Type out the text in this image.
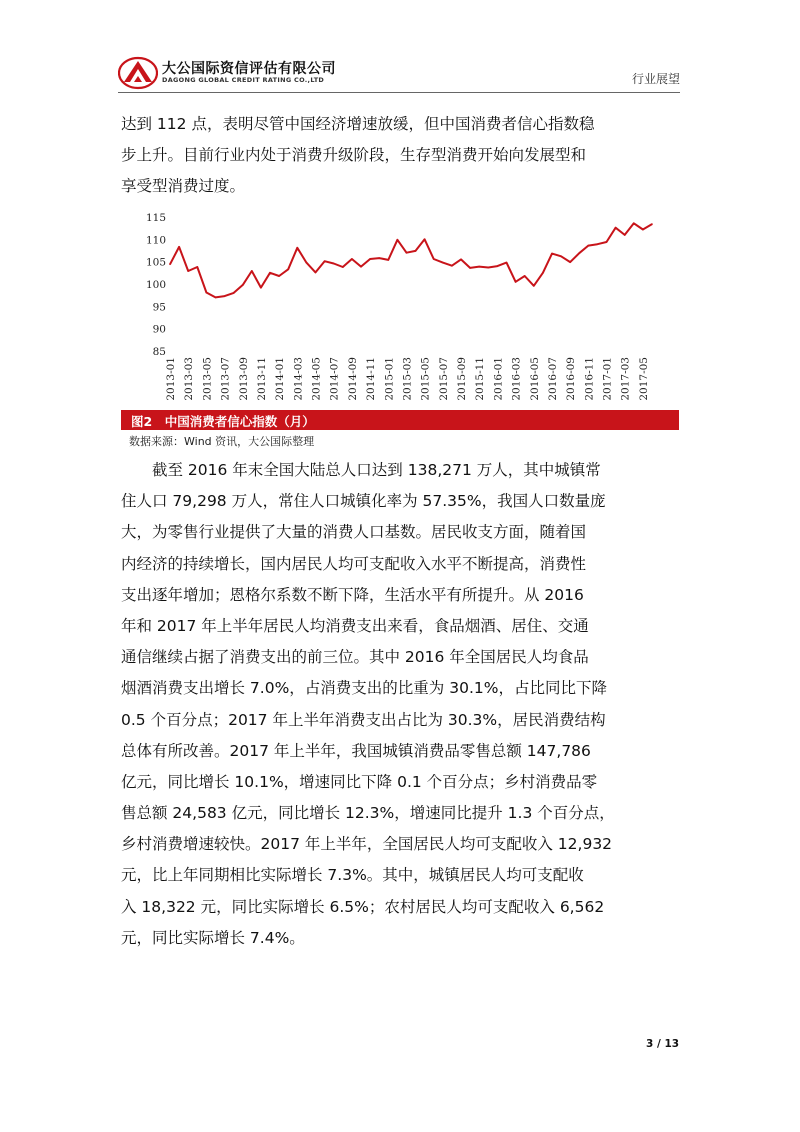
大公国际资信评估有限公司
DAGONG GLOBAL CREDIT RATING CO.,LTD	行业展望
达到 112 点，表明尽管中国经济增速放缓，但中国消费者信心指数稳
步上升。目前行业内处于消费升级阶段，生存型消费开始向发展型和
享受型消费过度。
115
110
105
100
95
90
85
2013-01 2013-03 2013-05 2013-07 2013-09 2013-11 2014-01 2014-03 2014-05 2014-07 2014-09 2014-11 2015-01 2015-03 2015-05 2015-07 2015-09 2015-11 2016-01 2016-03 2016-05 2016-07 2016-09 2016-11 2017-01 2017-03 2017-05
图2　中国消费者信心指数（月）
数据来源：Wind 资讯，大公国际整理
截至 2016 年末全国大陆总人口达到 138,271 万人，其中城镇常
住人口 79,298 万人，常住人口城镇化率为 57.35%，我国人口数量庞
大，为零售行业提供了大量的消费人口基数。居民收支方面，随着国
内经济的持续增长，国内居民人均可支配收入水平不断提高，消费性
支出逐年增加；恩格尔系数不断下降，生活水平有所提升。从 2016
年和 2017 年上半年居民人均消费支出来看，食品烟酒、居住、交通
通信继续占据了消费支出的前三位。其中 2016 年全国居民人均食品
烟酒消费支出增长 7.0%，占消费支出的比重为 30.1%，占比同比下降
0.5 个百分点；2017 年上半年消费支出占比为 30.3%，居民消费结构
总体有所改善。2017 年上半年，我国城镇消费品零售总额 147,786
亿元，同比增长 10.1%，增速同比下降 0.1 个百分点；乡村消费品零
售总额 24,583 亿元，同比增长 12.3%，增速同比提升 1.3 个百分点，
乡村消费增速较快。2017 年上半年，全国居民人均可支配收入 12,932
元，比上年同期相比实际增长 7.3%。其中，城镇居民人均可支配收
入 18,322 元，同比实际增长 6.5%；农村居民人均可支配收入 6,562
元，同比实际增长 7.4%。
3 / 13
